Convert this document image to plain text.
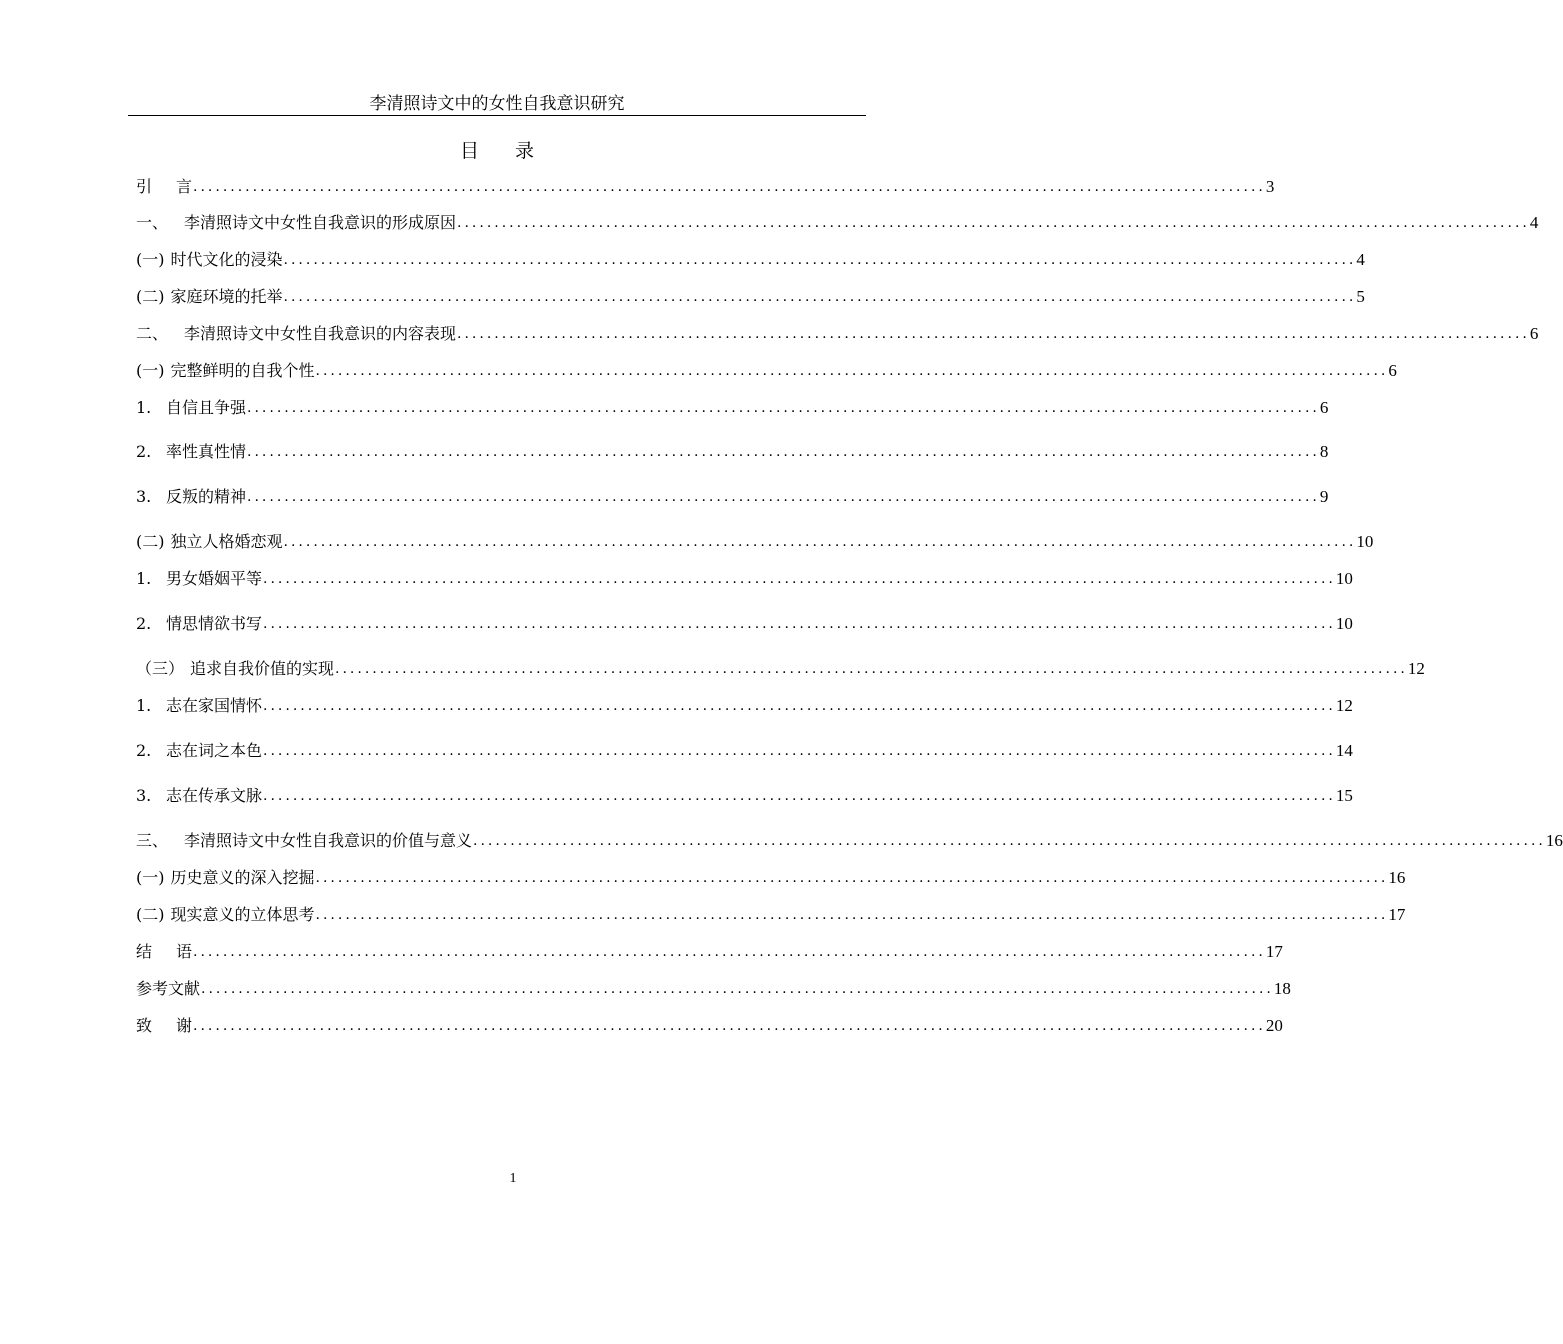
李清照诗文中的女性自我意识研究
目 录
引	言 ................................................................................................................................................ 3
一、 李清照诗文中女性自我意识的形成原因 ................................................................................................................................................ 4
(一) 时代文化的浸染 ................................................................................................................................................ 4
(二) 家庭环境的托举 ................................................................................................................................................ 5
二、 李清照诗文中女性自我意识的内容表现 ................................................................................................................................................ 6
(一) 完整鲜明的自我个性 ................................................................................................................................................ 6
1. 自信且争强 ................................................................................................................................................ 6
2. 率性真性情 ................................................................................................................................................ 8
3. 反叛的精神 ................................................................................................................................................ 9
(二) 独立人格婚恋观 ................................................................................................................................................ 10
1. 男女婚姻平等 ................................................................................................................................................ 10
2. 情思情欲书写 ................................................................................................................................................ 10
（三） 追求自我价值的实现 ................................................................................................................................................ 12
1. 志在家国情怀 ................................................................................................................................................ 12
2. 志在词之本色 ................................................................................................................................................ 14
3. 志在传承文脉 ................................................................................................................................................ 15
三、 李清照诗文中女性自我意识的价值与意义 ................................................................................................................................................ 16
(一) 历史意义的深入挖掘 ................................................................................................................................................ 16
(二) 现实意义的立体思考 ................................................................................................................................................ 17
结	语 ................................................................................................................................................ 17
参考文献 ................................................................................................................................................ 18
致	谢 ................................................................................................................................................ 20
1
